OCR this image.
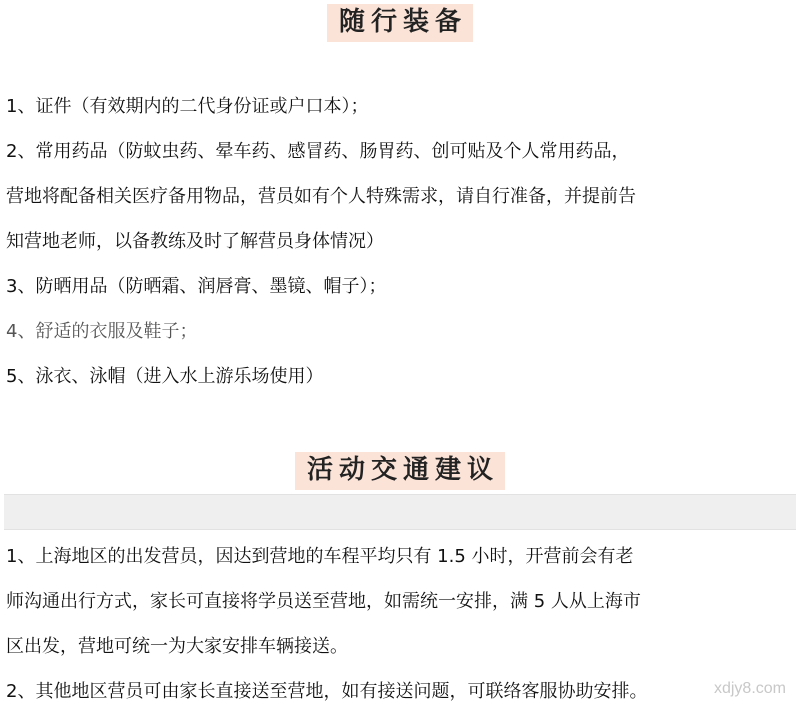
随行装备
1、证件（有效期内的二代身份证或户口本）；
2、常用药品（防蚊虫药、晕车药、感冒药、肠胃药、创可贴及个人常用药品，
营地将配备相关医疗备用物品，营员如有个人特殊需求，请自行准备，并提前告
知营地老师，以备教练及时了解营员身体情况）
3、防晒用品（防晒霜、润唇膏、墨镜、帽子）；
4、舒适的衣服及鞋子；
5、泳衣、泳帽（进入水上游乐场使用）
活动交通建议
1、上海地区的出发营员，因达到营地的车程平均只有 1.5 小时，开营前会有老
师沟通出行方式，家长可直接将学员送至营地，如需统一安排，满 5 人从上海市
区出发，营地可统一为大家安排车辆接送。
2、其他地区营员可由家长直接送至营地，如有接送问题，可联络客服协助安排。	xdjy8.com
